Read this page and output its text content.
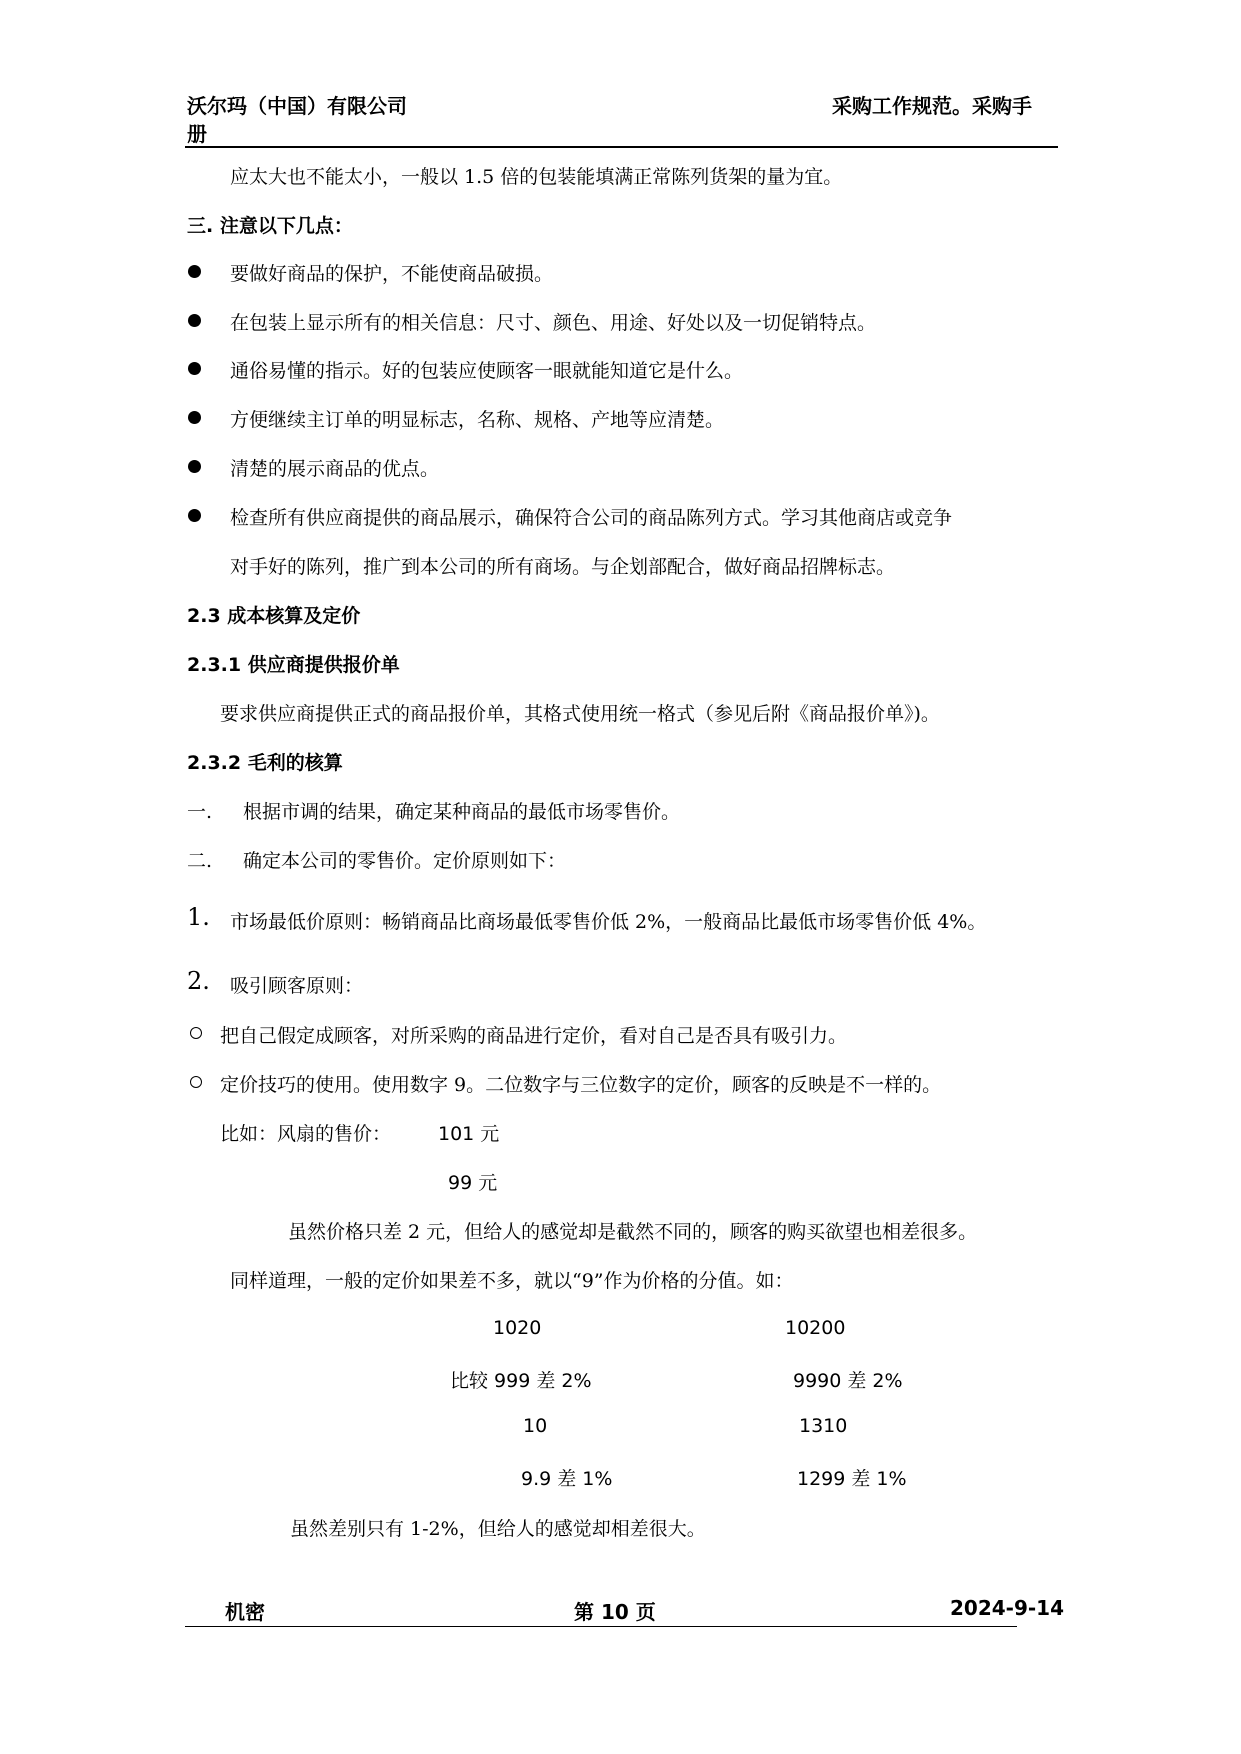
沃尔玛（中国）有限公司
册
采购工作规范。采购手
应太大也不能太小，一般以 1.5 倍的包装能填满正常陈列货架的量为宜。
三. 注意以下几点：
要做好商品的保护，不能使商品破损。
在包装上显示所有的相关信息：尺寸、颜色、用途、好处以及一切促销特点。
通俗易懂的指示。好的包装应使顾客一眼就能知道它是什么。
方便继续主订单的明显标志，名称、规格、产地等应清楚。
清楚的展示商品的优点。
检查所有供应商提供的商品展示，确保符合公司的商品陈列方式。学习其他商店或竞争
对手好的陈列，推广到本公司的所有商场。与企划部配合，做好商品招牌标志。
2.3 成本核算及定价
2.3.1 供应商提供报价单
要求供应商提供正式的商品报价单，其格式使用统一格式（参见后附《商品报价单》)。
2.3.2 毛利的核算
一. 根据市调的结果，确定某种商品的最低市场零售价。
二. 确定本公司的零售价。定价原则如下：
1. 市场最低价原则：畅销商品比商场最低零售价低 2%，一般商品比最低市场零售价低 4%。
2. 吸引顾客原则：
把自己假定成顾客，对所采购的商品进行定价，看对自己是否具有吸引力。
定价技巧的使用。使用数字 9。二位数字与三位数字的定价，顾客的反映是不一样的。
比如：风扇的售价： 101 元
99 元
虽然价格只差 2 元，但给人的感觉却是截然不同的，顾客的购买欲望也相差很多。
同样道理，一般的定价如果差不多，就以“9”作为价格的分值。如：
1020	10200
比较 999 差 2%	9990 差 2%
10	1310
9.9 差 1%	1299 差 1%
虽然差别只有 1-2%，但给人的感觉却相差很大。
机密	第 10 页	2024-9-14
